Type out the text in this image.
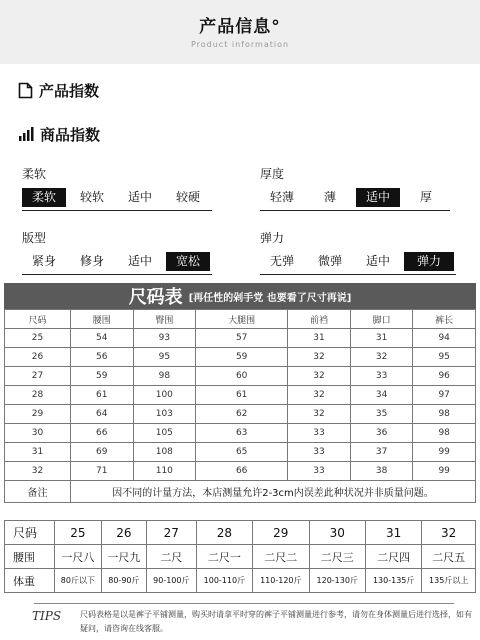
产品信息°
Product information
产品指数
商品指数
柔软
柔软	较软	适中	较硬
厚度
轻薄	薄	适中	厚
版型
紧身	修身	适中	宽松
弹力
无弹	微弹	适中	弹力
尺码表 [再任性的剁手党 也要看了尺寸再说]
尺码	腰围	臀围	大腿围	前裆	脚口	裤长
25	54	93	57	31	31	94
26	56	95	59	32	32	95
27	59	98	60	32	33	96
28	61	100	61	32	34	97
29	64	103	62	32	35	98
30	66	105	63	33	36	98
31	69	108	65	33	37	99
32	71	110	66	33	38	99
备注	因不同的计量方法，本店测量允许2-3cm内误差此种状况并非质量问题。					
尺码	25	26	27	28	29	30	31	32
腰围	一尺八	一尺九	二尺	二尺一	二尺二	二尺三	二尺四	二尺五
体重	80斤以下	80-90斤	90-100斤	100-110斤	110-120斤	120-130斤	130-135斤	135斤以上
TIPS 尺码表格是以是裤子平铺测量，购买时请拿平时穿的裤子平铺测量进行参考，请勿在身体测量后进行选择，如有疑问，请咨询在线客服。
